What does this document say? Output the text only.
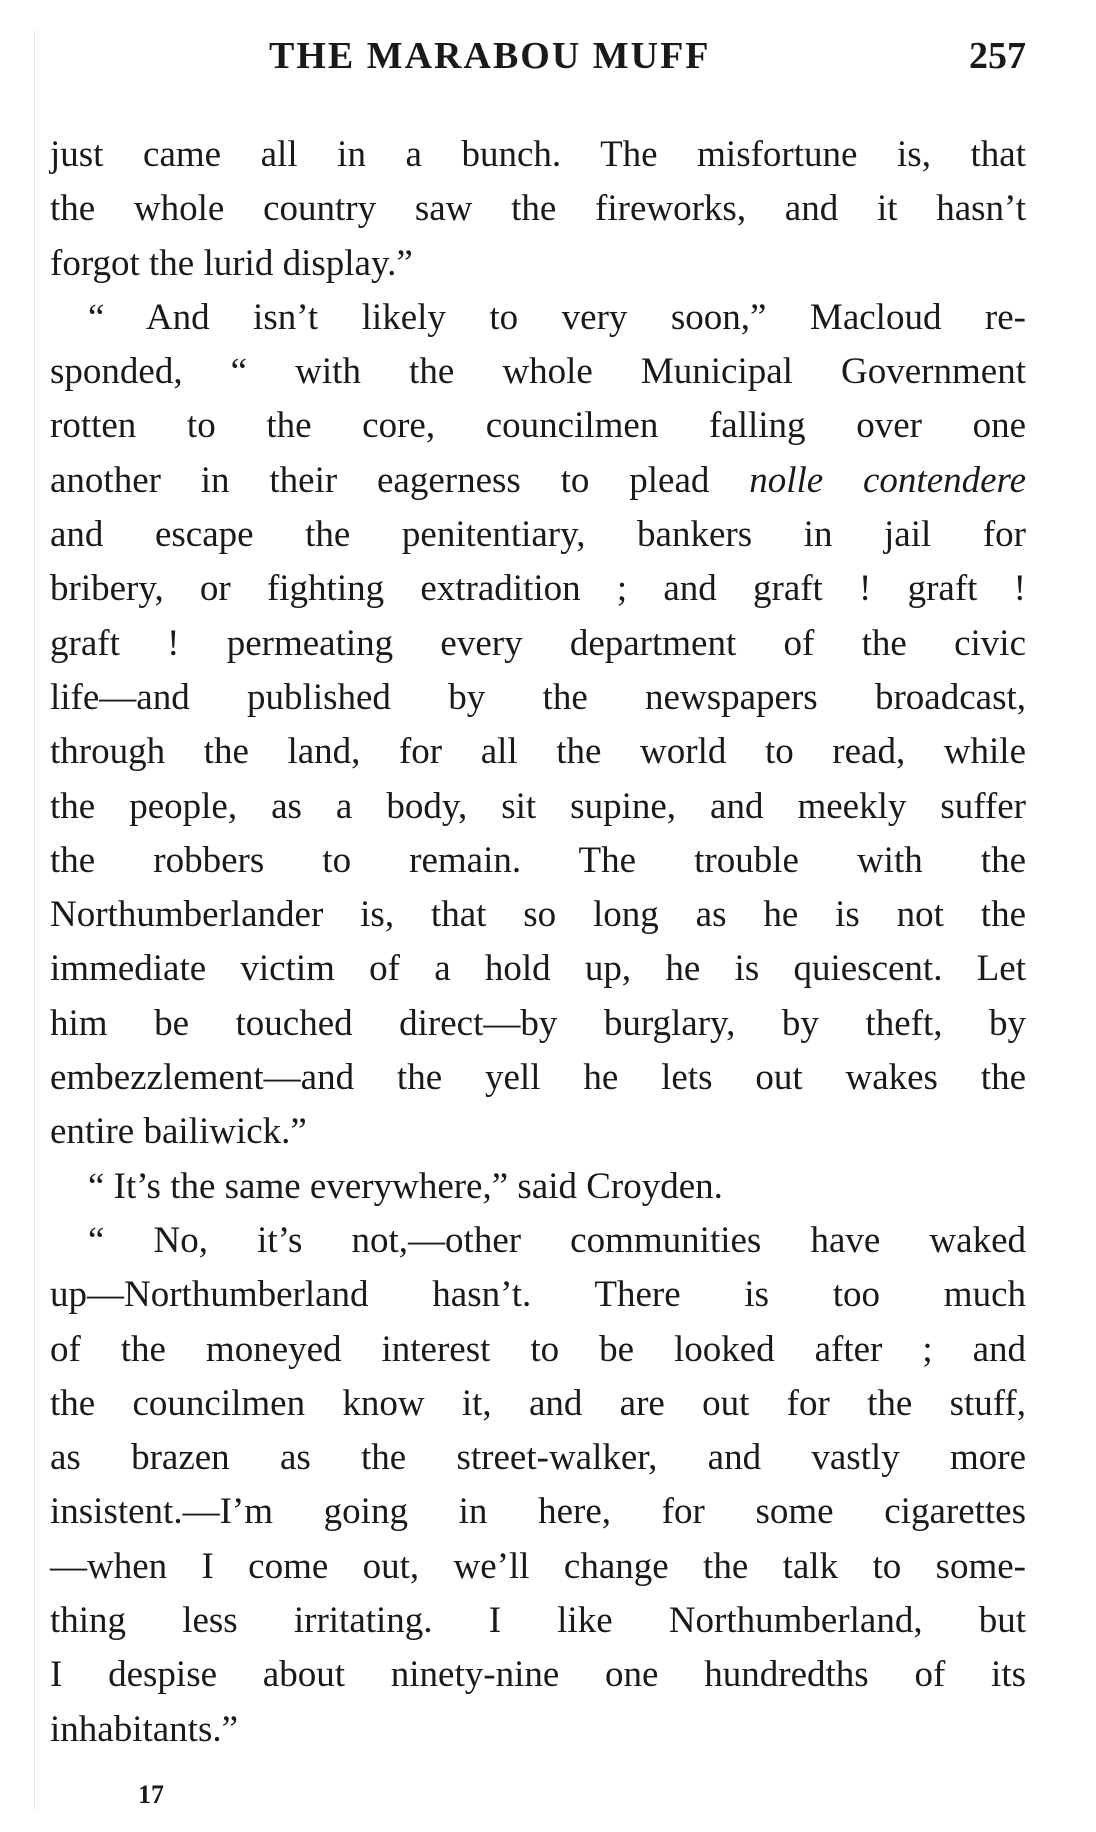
THE MARABOU MUFF	257
just came all in a bunch. The misfortune is, that
the whole country saw the fireworks, and it hasn’t
forgot the lurid display.”
“ And isn’t likely to very soon,” Macloud re-
sponded, “ with the whole Municipal Government
rotten to the core, councilmen falling over one
another in their eagerness to plead nolle contendere
and escape the penitentiary, bankers in jail for
bribery, or fighting extradition ; and graft ! graft !
graft ! permeating every department of the civic
life—and published by the newspapers broadcast,
through the land, for all the world to read, while
the people, as a body, sit supine, and meekly suffer
the robbers to remain. The trouble with the
Northumberlander is, that so long as he is not the
immediate victim of a hold up, he is quiescent. Let
him be touched direct—by burglary, by theft, by
embezzlement—and the yell he lets out wakes the
entire bailiwick.”
“ It’s the same everywhere,” said Croyden.
“ No, it’s not,—other communities have waked
up—Northumberland hasn’t. There is too much
of the moneyed interest to be looked after ; and
the councilmen know it, and are out for the stuff,
as brazen as the street-walker, and vastly more
insistent.—I’m going in here, for some cigarettes
—when I come out, we’ll change the talk to some-
thing less irritating. I like Northumberland, but
I despise about ninety-nine one hundredths of its
inhabitants.”
17
